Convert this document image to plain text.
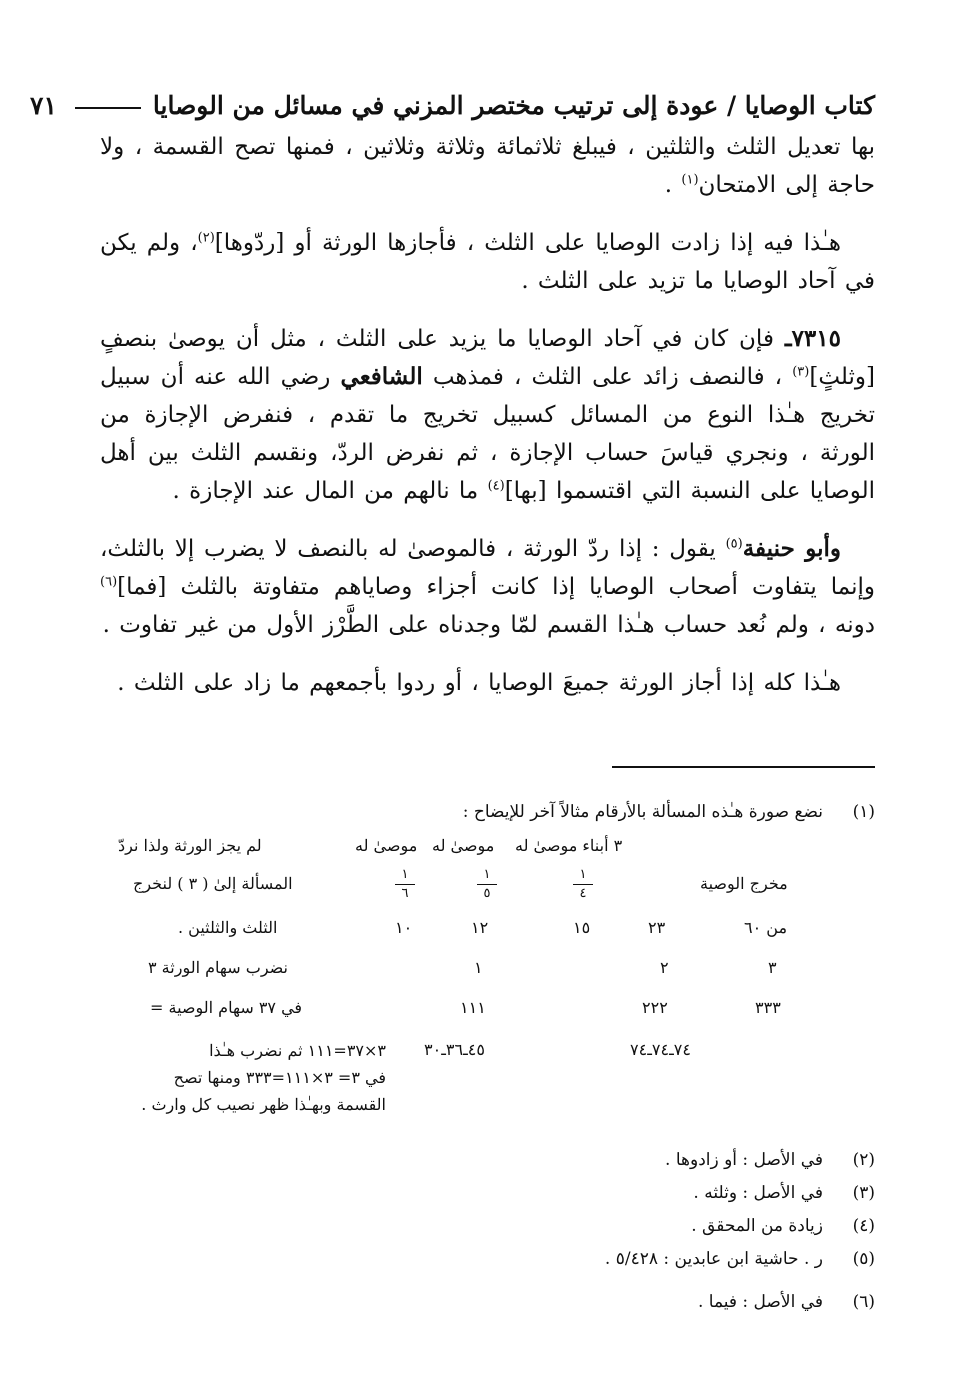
كتاب الوصايا / عودة إلى ترتيب مختصر المزني في مسائل من الوصايا
٧١

بها تعديل الثلث والثلثين ، فيبلغ ثلاثمائة وثلاثة وثلاثين ، فمنها تصح القسمة ، ولا حاجة إلى الامتحان$^{(١)}$ .

هـٰذا فيه إذا زادت الوصايا على الثلث ، فأجازها الورثة أو [ردّوها]$^{(٢)}$، ولم يكن في آحاد الوصايا ما تزيد على الثلث .

٧٣١٥ـ فإن كان في آحاد الوصايا ما يزيد على الثلث ، مثل أن يوصىٰ بنصفٍ [وثلثٍ]$^{(٣)}$ ، فالنصف زائد على الثلث ، فمذهب الشافعي رضي الله عنه أن سبيل تخريج هـٰذا النوع من المسائل كسبيل تخريج ما تقدم ، فنفرض الإجازة من الورثة ، ونجري قياسَ حساب الإجازة ، ثم نفرض الردّ، ونقسم الثلث بين أهل الوصايا على النسبة التي اقتسموا [بها]$^{(٤)}$ ما نالهم من المال عند الإجازة .

وأبو حنيفة$^{(٥)}$ يقول : إذا ردّ الورثة ، فالموصىٰ له بالنصف لا يضرب إلا بالثلث، وإنما يتفاوت أصحاب الوصايا إذا كانت أجزاء وصاياهم متفاوتة بالثلث [فما]$^{(٦)}$ دونه ، ولم نُعد حساب هـٰذا القسم لمّا وجدناه على الطَّرْز الأول من غير تفاوت .

هـٰذا كله إذا أجاز الورثة جميعَ الوصايا ، أو ردوا بأجمعهم ما زاد على الثلث .

(١)
نضع صورة هـٰذه المسألة بالأرقام مثالاً آخر للإيضاح :
٣ أبناء موصىٰ له
موصىٰ له
موصىٰ له
لم يجز الورثة ولذا نردّ
١
٤
١
٥
١
٦
مخرج الوصية
المسألة إلىٰ ( ٣ ) لنخرج
من ٦٠
٢٣
١٥
١٢
١٠
الثلث والثلثين .
٣
٢
١
نضرب سهام الورثة ٣
٣٣٣
٢٢٢
١١١
في ٣٧ سهام الوصية =
٧٤ـ٧٤ـ٧٤
٤٥ـ٣٦ـ٣٠
٣×٣٧=١١١ ثم نضرب هـٰذا
في ٣= ٣×١١١=٣٣٣ ومنها تصح
القسمة وبهـٰذا ظهر نصيب كل وارث .
(٢)
في الأصل : أو زادوها .
(٣)
في الأصل : وثلثه .
(٤)
زيادة من المحقق .
(٥)
ر . حاشية ابن عابدين : ٥/٤٢٨ .
(٦)
في الأصل : فيما .
